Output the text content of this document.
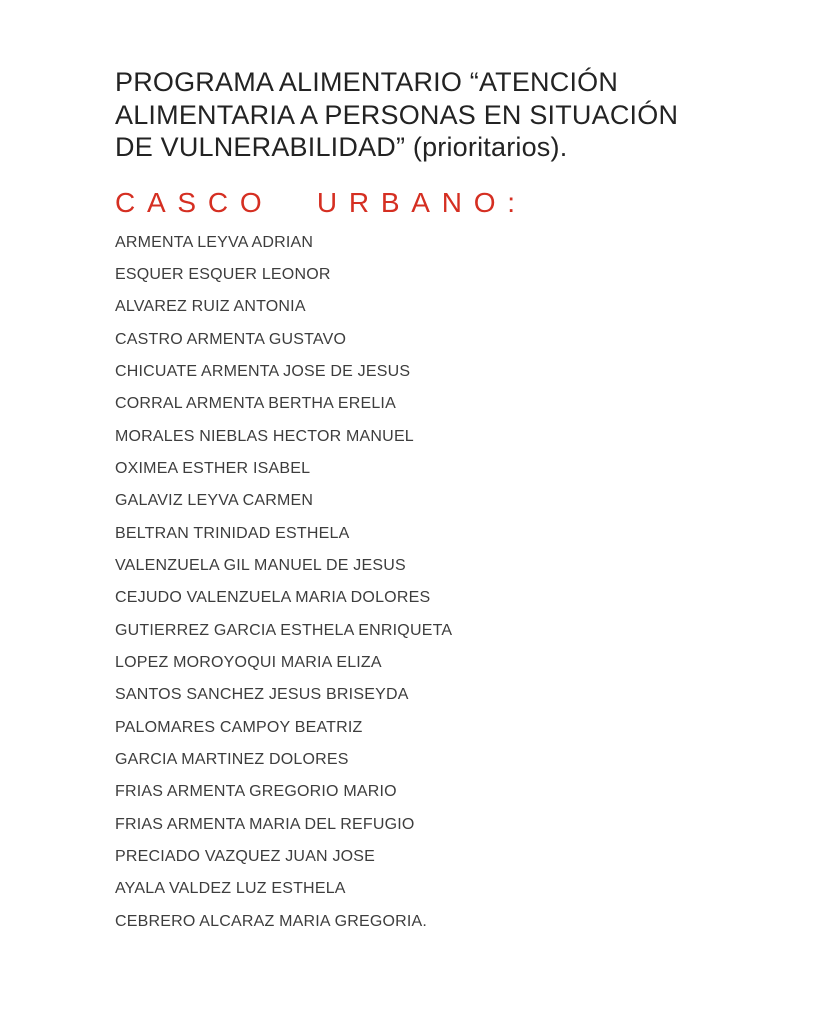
PROGRAMA ALIMENTARIO “ATENCIÓN
ALIMENTARIA A PERSONAS EN SITUACIÓN
DE VULNERABILIDAD” (prioritarios).
CASCO URBANO:
ARMENTA LEYVA ADRIAN
ESQUER ESQUER LEONOR
ALVAREZ RUIZ ANTONIA
CASTRO ARMENTA GUSTAVO
CHICUATE ARMENTA JOSE DE JESUS
CORRAL ARMENTA BERTHA ERELIA
MORALES NIEBLAS HECTOR MANUEL
OXIMEA ESTHER ISABEL
GALAVIZ LEYVA CARMEN
BELTRAN TRINIDAD ESTHELA
VALENZUELA GIL MANUEL DE JESUS
CEJUDO VALENZUELA MARIA DOLORES
GUTIERREZ GARCIA ESTHELA ENRIQUETA
LOPEZ MOROYOQUI MARIA ELIZA
SANTOS SANCHEZ JESUS BRISEYDA
PALOMARES CAMPOY BEATRIZ
GARCIA MARTINEZ DOLORES
FRIAS ARMENTA GREGORIO MARIO
FRIAS ARMENTA MARIA DEL REFUGIO
PRECIADO VAZQUEZ JUAN JOSE
AYALA VALDEZ LUZ ESTHELA
CEBRERO ALCARAZ MARIA GREGORIA.
